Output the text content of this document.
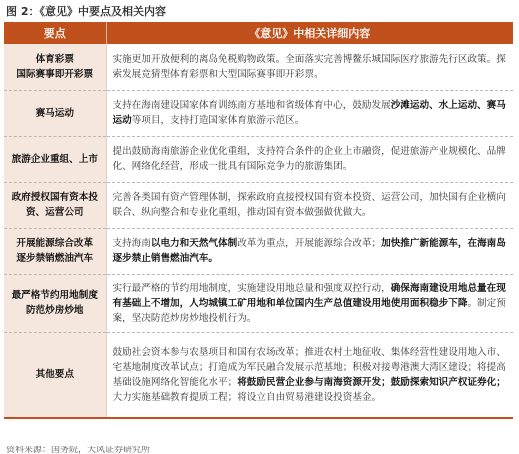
图 2：《意见》中要点及相关内容
要点	《意见》中相关详细内容
体育彩票
国际赛事即开彩票	实施更加开放便利的离岛免税购物政策。全面落实完善博鳌乐城国际医疗旅游先行区政策。探索发展竞猜型体育彩票和大型国际赛事即开彩票。
赛马运动	支持在海南建设国家体育训练南方基地和省级体育中心，鼓励发展沙滩运动、水上运动、赛马运动等项目，支持打造国家体育旅游示范区。
旅游企业重组、上市	提出鼓励海南旅游企业优化重组，支持符合条件的企业上市融资，促进旅游产业规模化、品牌化、网络化经营，形成一批具有国际竞争力的旅游集团。
政府授权国有资本投
资、运营公司	完善各类国有资产管理体制，探索政府直接授权国有资本投资、运营公司，加快国有企业横向联合、纵向整合和专业化重组，推动国有资本做强做优做大。
开展能源综合改革
逐步禁销燃油汽车	支持海南以电力和天然气体制改革为重点，开展能源综合改革；加快推广新能源车，在海南岛逐步禁止销售燃油汽车。
最严格节约用地制度
防范炒房炒地	实行最严格的节约用地制度，实施建设用地总量和强度双控行动，确保海南建设用地总量在现有基础上不增加，人均城镇工矿用地和单位国内生产总值建设用地使用面积稳步下降。制定预案，坚决防范炒房炒地投机行为。
其他要点	鼓励社会资本参与农垦项目和国有农场改革；推进农村土地征收、集体经营性建设用地入市、宅基地制度改革试点；打造成为军民融合发展示范基地；积极对接粤港澳大湾区建设；将提高基础设施网络化智能化水平；将鼓励民营企业参与南海资源开发；鼓励探索知识产权证券化；大力实施基础教育提质工程；将设立自由贸易港建设投资基金。
资料来源：国务院，天风证券研究所
